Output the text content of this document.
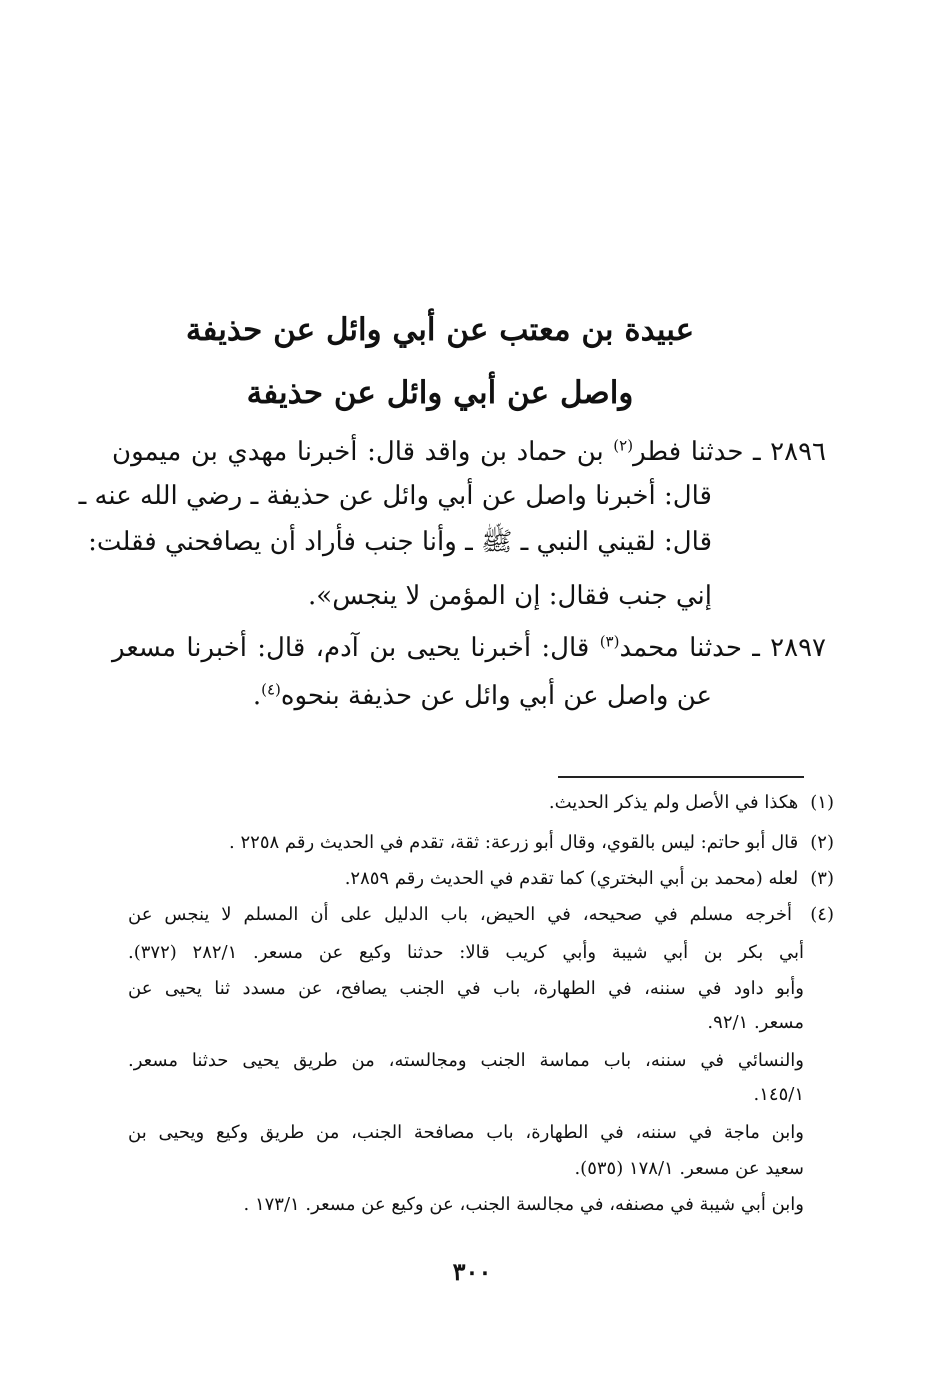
عبيدة بن معتب عن أبي وائل عن حذيفة
واصل عن أبي وائل عن حذيفة
٢٨٩٦ ـ حدثنا فطر$^{(٢)}$ بن حماد بن واقد قال: أخبرنا مهدي بن ميمون
قال: أخبرنا واصل عن أبي وائل عن حذيفة ـ رضي الله عنه ـ
قال: لقيني النبي ـ ﷺ ـ وأنا جنب فأراد أن يصافحني فقلت:
إني جنب فقال: إن المؤمن لا ينجس».
٢٨٩٧ ـ حدثنا محمد$^{(٣)}$ قال: أخبرنا يحيى بن آدم، قال: أخبرنا مسعر
عن واصل عن أبي وائل عن حذيفة بنحوه$^{(٤)}$.
(١) هكذا في الأصل ولم يذكر الحديث.
(٢) قال أبو حاتم: ليس بالقوي، وقال أبو زرعة: ثقة، تقدم في الحديث رقم ٢٢٥٨ .
(٣) لعله (محمد بن أبي البختري) كما تقدم في الحديث رقم ٢٨٥٩.
(٤) أخرجه مسلم في صحيحه، في الحيض، باب الدليل على أن المسلم لا ينجس عن
أبي بكر بن أبي شيبة وأبي كريب قالا: حدثنا وكيع عن مسعر. ٢٨٢/١ (٣٧٢).
وأبو داود في سننه، في الطهارة، باب في الجنب يصافح، عن مسدد ثنا يحيى عن
مسعر. ٩٢/١.
والنسائي في سننه، باب مماسة الجنب ومجالسته، من طريق يحيى حدثنا مسعر.
١٤٥/١.
وابن ماجة في سننه، في الطهارة، باب مصافحة الجنب، من طريق وكيع ويحيى بن
سعيد عن مسعر. ١٧٨/١ (٥٣٥).
وابن أبي شيبة في مصنفه، في مجالسة الجنب، عن وكيع عن مسعر. ١٧٣/١ .
٣٠٠
